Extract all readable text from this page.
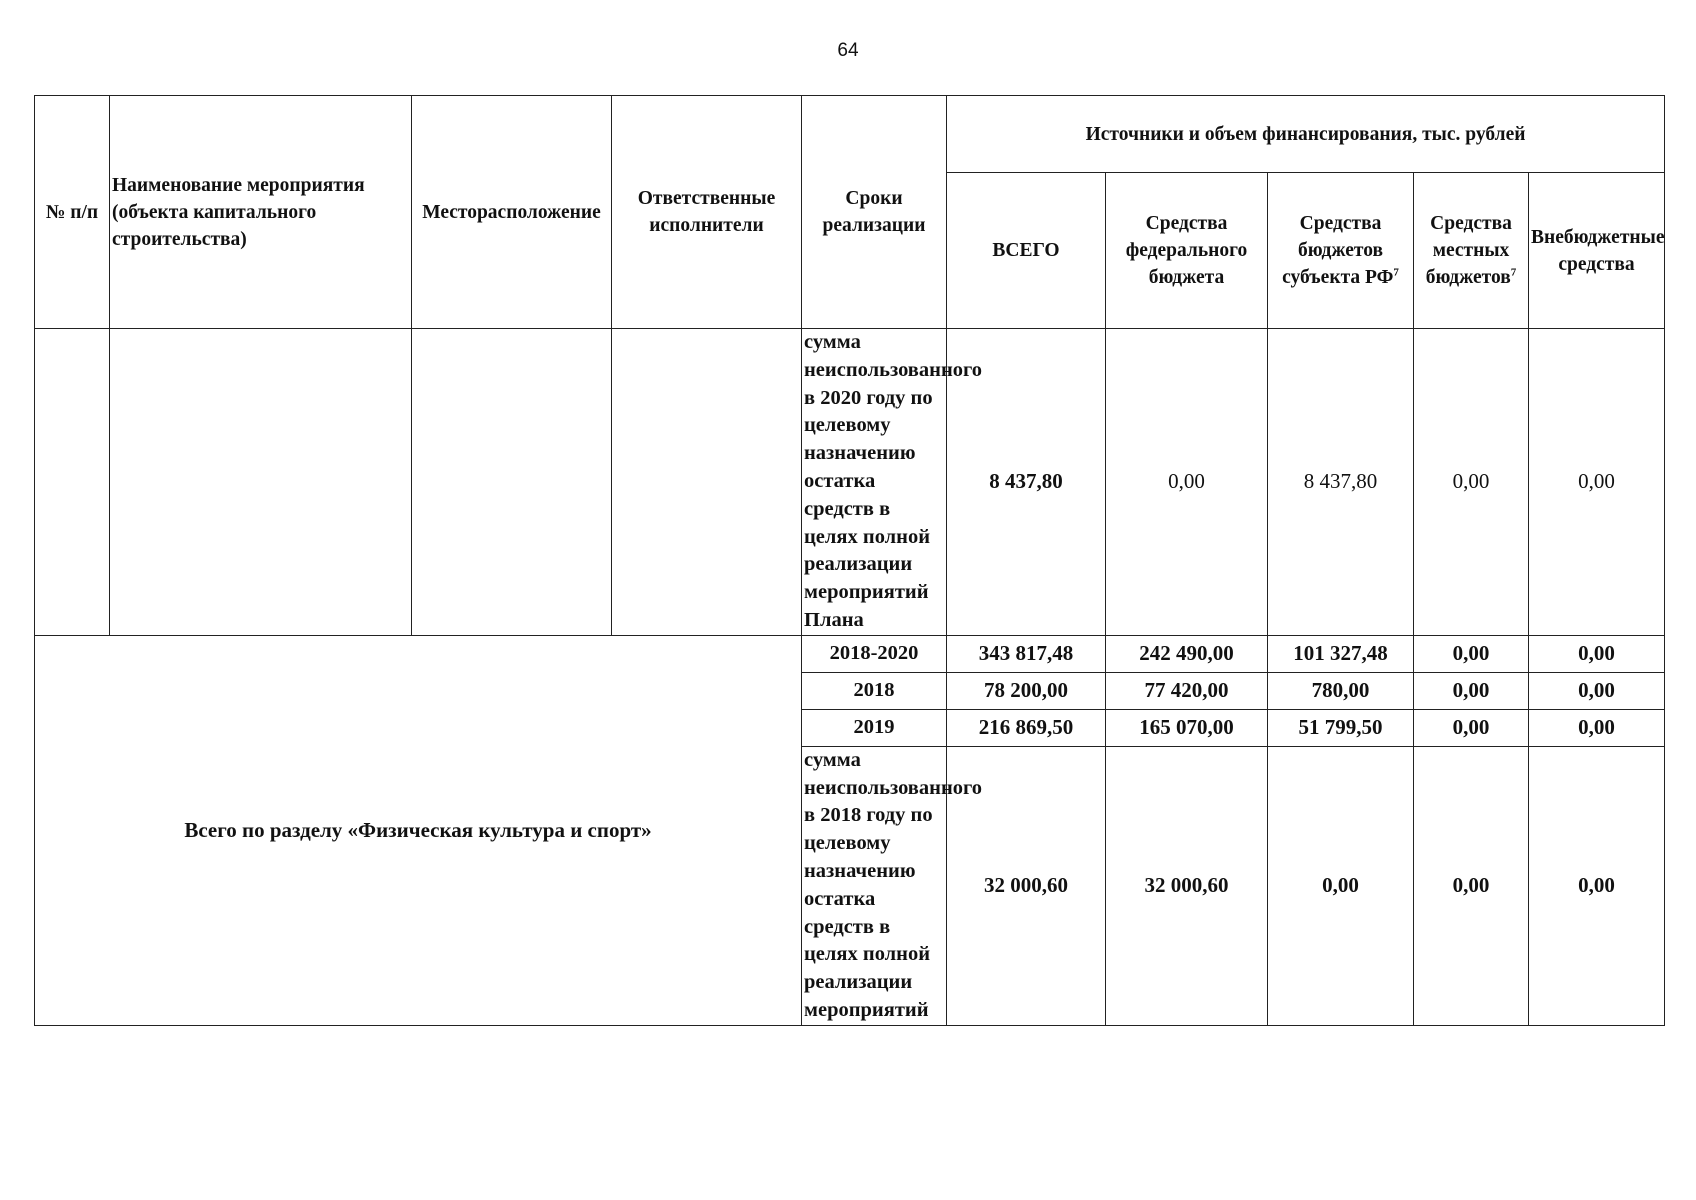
64
№ п/п	Наименование мероприятия (объекта капитального строительства)	Месторасположение	Ответственные исполнители	Сроки реализации	Источники и объем финансирования, тыс. рублей				
					ВСЕГО	Средства федерального бюджета	Средства бюджетов субъекта $РФ^7$	Средства местных бюджетов$^7$	Внебюджетные средства
				сумма неиспользованного в 2020 году по целевому назначению остатка средств в целях полной реализации мероприятий Плана	8 437,80	0,00	8 437,80	0,00	0,00
Всего по разделу «Физическая культура и спорт»				2018-2020	343 817,48	242 490,00	101 327,48	0,00	0,00
				2018	78 200,00	77 420,00	780,00	0,00	0,00
				2019	216 869,50	165 070,00	51 799,50	0,00	0,00
				сумма неиспользованного в 2018 году по целевому назначению остатка средств в целях полной реализации мероприятий	32 000,60	32 000,60	0,00	0,00	0,00
